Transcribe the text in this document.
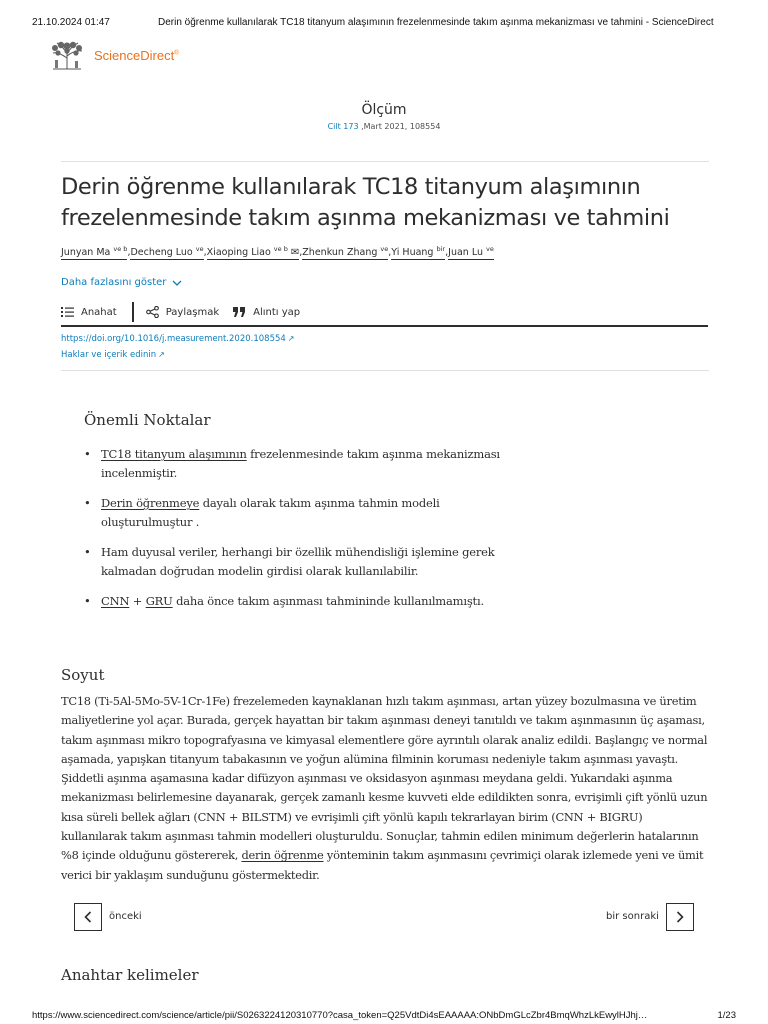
21.10.2024 01:47	Derin öğrenme kullanılarak TC18 titanyum alaşımının frezelenmesinde takım aşınma mekanizması ve tahmini - ScienceDirect
ScienceDirect®
Ölçüm
Cilt 173 ,Mart 2021, 108554
Derin öğrenme kullanılarak TC18 titanyum alaşımının frezelenmesinde takım aşınma mekanizması ve tahmini
Junyan Ma $^{ve b}$,Decheng Luo $^{ve}$,Xiaoping Liao $^{ve b}$ ✉,Zhenkun Zhang $^{ve}$,Yi Huang $^{bir}$,Juan Lu $^{ve}$
Daha fazlasını göster
Anahat	Paylaşmak	Alıntı yap
https://doi.org/10.1016/j.measurement.2020.108554 ↗
Haklar ve içerik edinin ↗
Önemli Noktalar
• TC18 titanyum alaşımının frezelenmesinde takım aşınma mekanizması incelenmiştir.
• Derin öğrenmeye dayalı olarak takım aşınma tahmin modeli oluşturulmuştur .
• Ham duyusal veriler, herhangi bir özellik mühendisliği işlemine gerek kalmadan doğrudan modelin girdisi olarak kullanılabilir.
• CNN + GRU daha önce takım aşınması tahmininde kullanılmamıştı.
Soyut
TC18 (Ti-5Al-5Mo-5V-1Cr-1Fe) frezelemeden kaynaklanan hızlı takım aşınması, artan yüzey bozulmasına ve üretim maliyetlerine yol açar. Burada, gerçek hayattan bir takım aşınması deneyi tanıtıldı ve takım aşınmasının üç aşaması, takım aşınması mikro topografyasına ve kimyasal elementlere göre ayrıntılı olarak analiz edildi. Başlangıç ve normal aşamada, yapışkan titanyum tabakasının ve yoğun alümina filminin koruması nedeniyle takım aşınması yavaştı. Şiddetli aşınma aşamasına kadar difüzyon aşınması ve oksidasyon aşınması meydana geldi. Yukarıdaki aşınma mekanizması belirlemesine dayanarak, gerçek zamanlı kesme kuvveti elde edildikten sonra, evrişimli çift yönlü uzun kısa süreli bellek ağları (CNN + BILSTM) ve evrişimli çift yönlü kapılı tekrarlayan birim (CNN + BIGRU) kullanılarak takım aşınması tahmin modelleri oluşturuldu. Sonuçlar, tahmin edilen minimum değerlerin hatalarının %8 içinde olduğunu göstererek, derin öğrenme yönteminin takım aşınmasını çevrimiçi olarak izlemede yeni ve ümit verici bir yaklaşım sunduğunu göstermektedir.
önceki	bir sonraki
Anahtar kelimeler
https://www.sciencedirect.com/science/article/pii/S0263224120310770?casa_token=Q25VdtDi4sEAAAAA:ONbDmGLcZbr4BmqWhzLkEwylHJhj…	1/23
